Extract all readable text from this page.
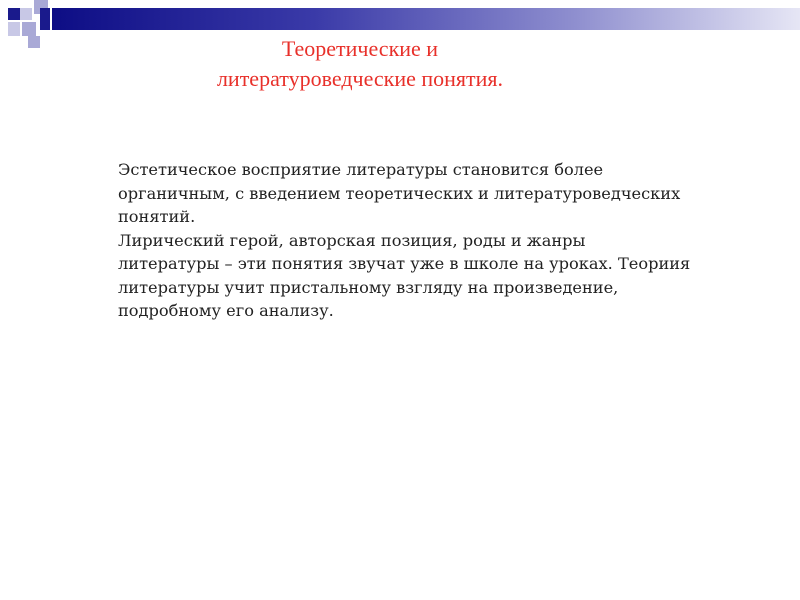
Теоретические и
литературоведческие понятия.
Эстетическое восприятие литературы становится более
органичным, с введением теоретических и литературоведческих
понятий.
Лирический герой, авторская позиция, роды и жанры
литературы – эти понятия звучат уже в школе на уроках. Теориия
литературы учит пристальному взгляду на произведение,
подробному его анализу.
